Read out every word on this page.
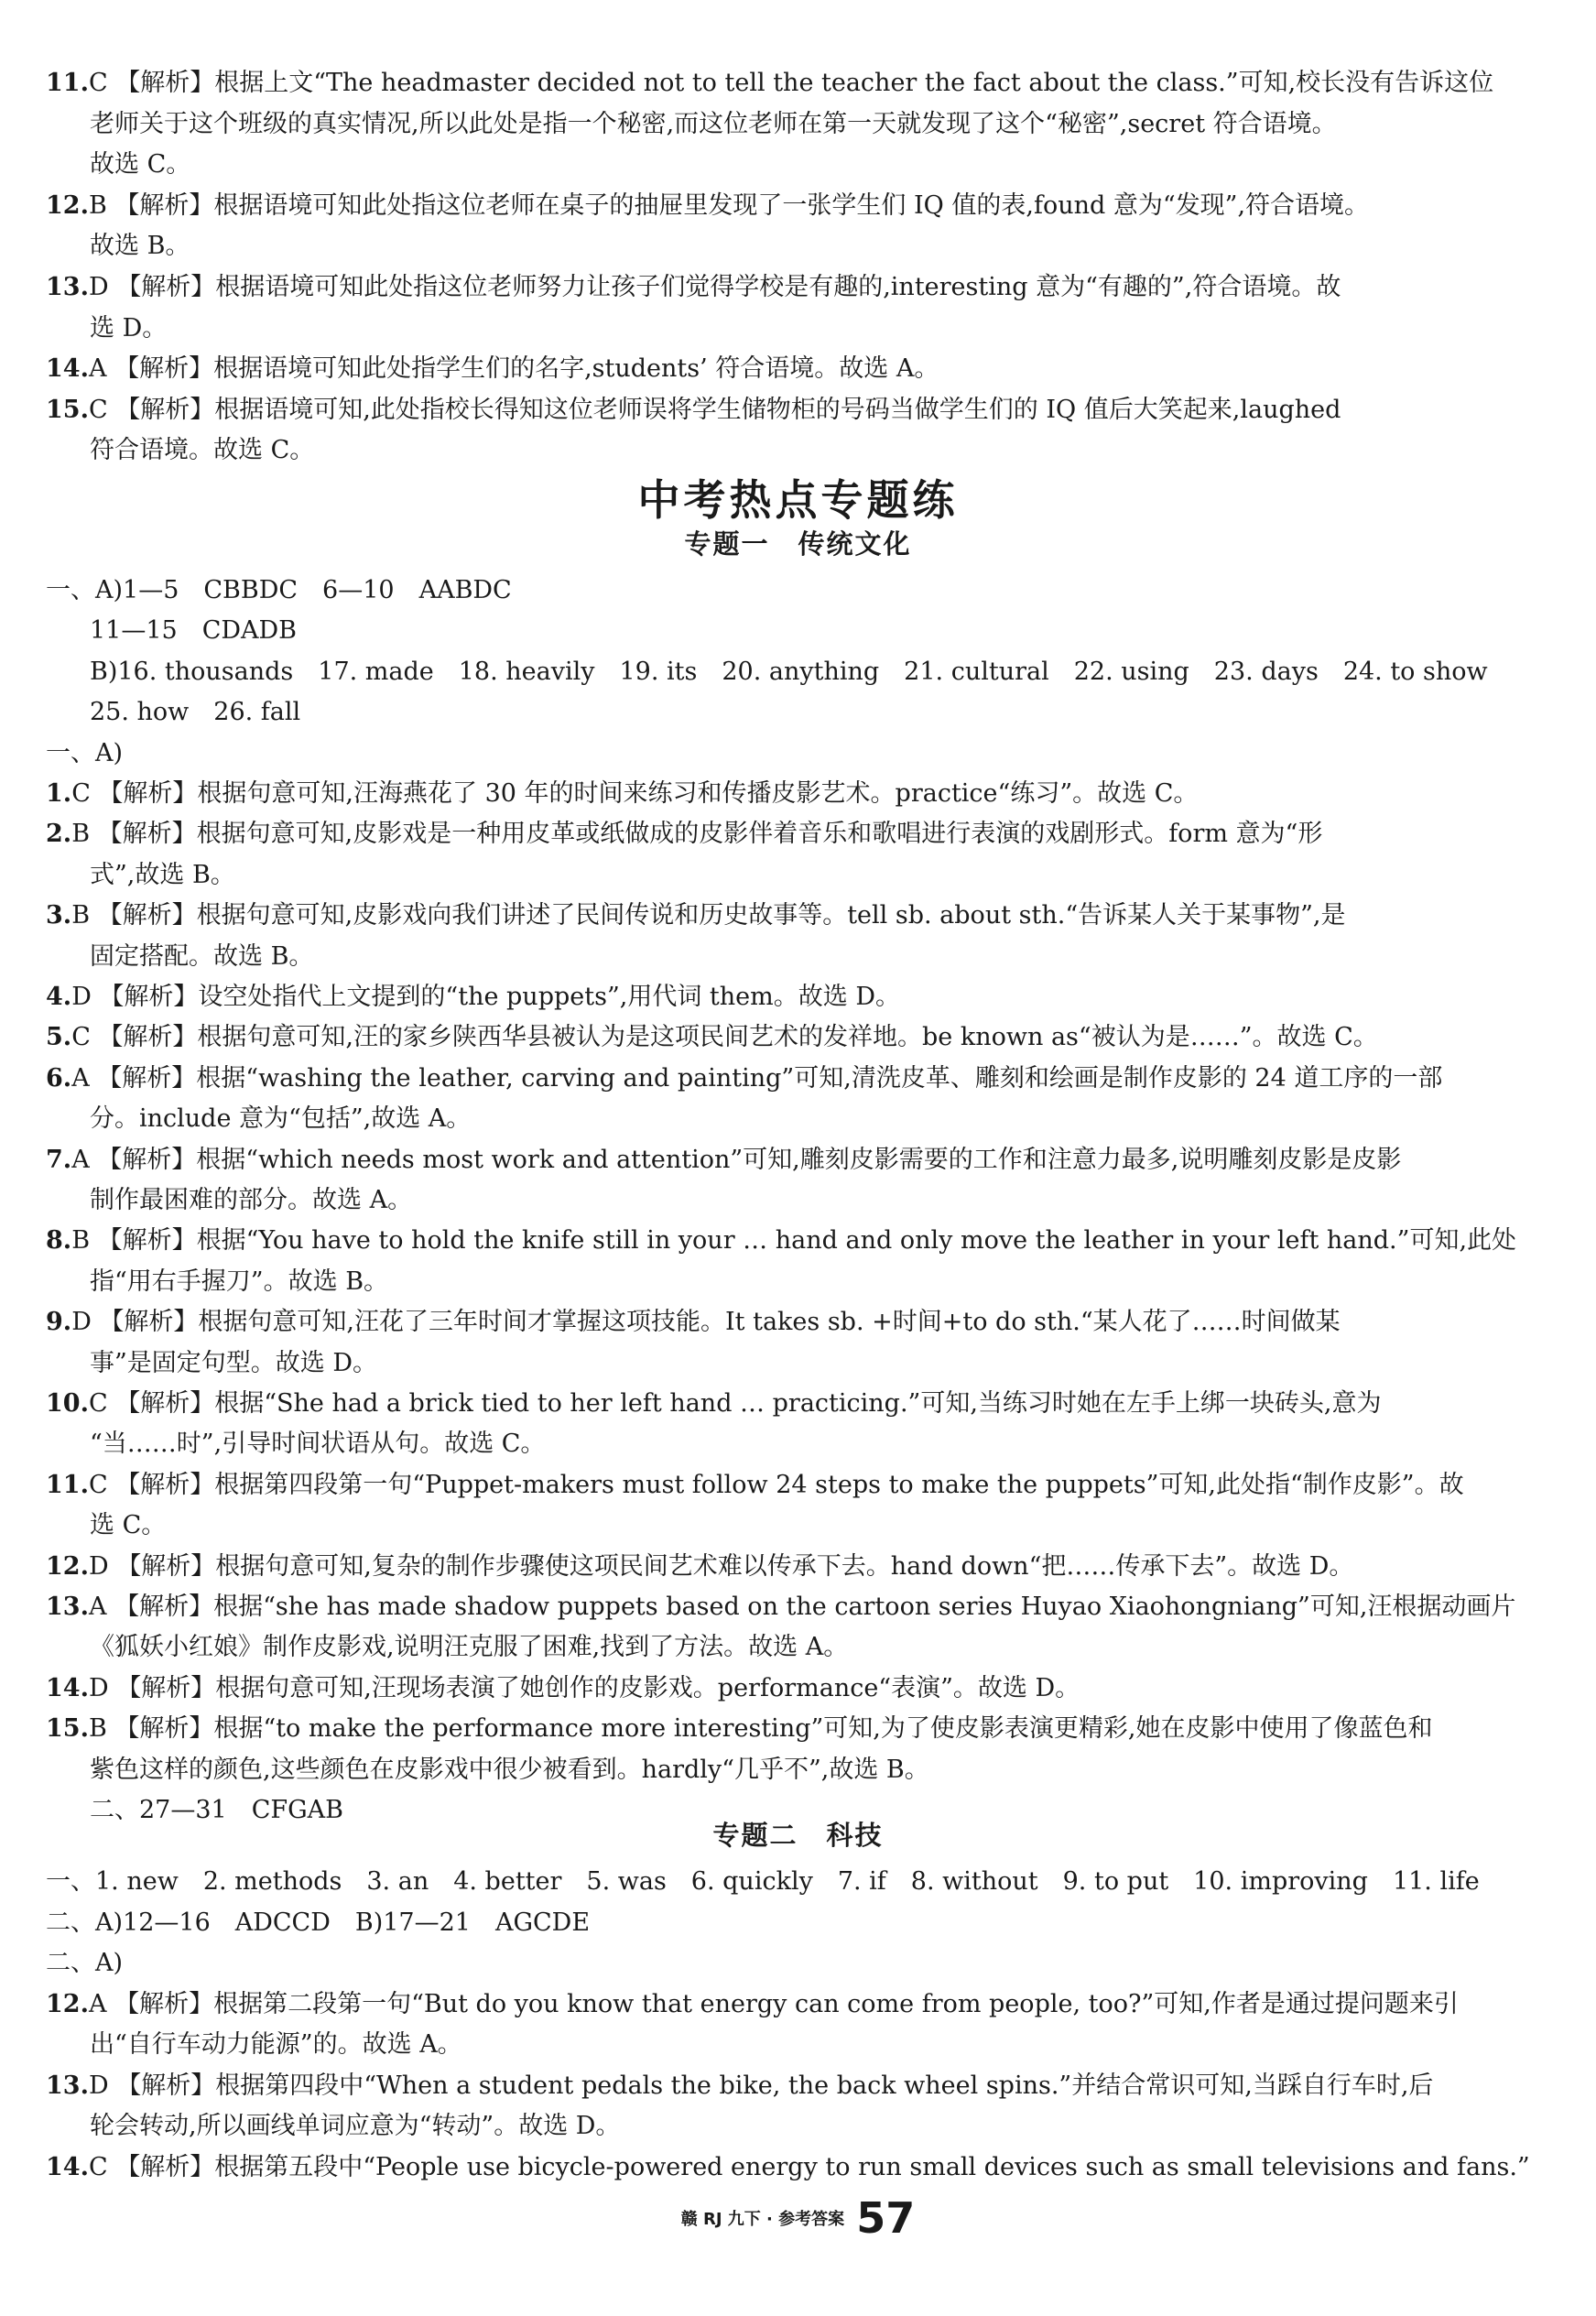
11.C 【解析】根据上文“The headmaster decided not to tell the teacher the fact about the class.”可知,校长没有告诉这位
老师关于这个班级的真实情况,所以此处是指一个秘密,而这位老师在第一天就发现了这个“秘密”,secret 符合语境。
故选 C。
12.B 【解析】根据语境可知此处指这位老师在桌子的抽屉里发现了一张学生们 IQ 值的表,found 意为“发现”,符合语境。
故选 B。
13.D 【解析】根据语境可知此处指这位老师努力让孩子们觉得学校是有趣的,interesting 意为“有趣的”,符合语境。故
选 D。
14.A 【解析】根据语境可知此处指学生们的名字,students’ 符合语境。故选 A。
15.C 【解析】根据语境可知,此处指校长得知这位老师误将学生储物柜的号码当做学生们的 IQ 值后大笑起来,laughed
符合语境。故选 C。
中考热点专题练
专题一　传统文化
一、A)1—5　CBBDC　6—10　AABDC
11—15　CDADB
B)16. thousands　17. made　18. heavily　19. its　20. anything　21. cultural　22. using　23. days　24. to show
25. how　26. fall
一、A)
1.C 【解析】根据句意可知,汪海燕花了 30 年的时间来练习和传播皮影艺术。practice“练习”。故选 C。
2.B 【解析】根据句意可知,皮影戏是一种用皮革或纸做成的皮影伴着音乐和歌唱进行表演的戏剧形式。form 意为“形
式”,故选 B。
3.B 【解析】根据句意可知,皮影戏向我们讲述了民间传说和历史故事等。tell sb. about sth.“告诉某人关于某事物”,是
固定搭配。故选 B。
4.D 【解析】设空处指代上文提到的“the puppets”,用代词 them。故选 D。
5.C 【解析】根据句意可知,汪的家乡陕西华县被认为是这项民间艺术的发祥地。be known as“被认为是……”。故选 C。
6.A 【解析】根据“washing the leather, carving and painting”可知,清洗皮革、雕刻和绘画是制作皮影的 24 道工序的一部
分。include 意为“包括”,故选 A。
7.A 【解析】根据“which needs most work and attention”可知,雕刻皮影需要的工作和注意力最多,说明雕刻皮影是皮影
制作最困难的部分。故选 A。
8.B 【解析】根据“You have to hold the knife still in your … hand and only move the leather in your left hand.”可知,此处
指“用右手握刀”。故选 B。
9.D 【解析】根据句意可知,汪花了三年时间才掌握这项技能。It takes sb. +时间+to do sth.“某人花了……时间做某
事”是固定句型。故选 D。
10.C 【解析】根据“She had a brick tied to her left hand … practicing.”可知,当练习时她在左手上绑一块砖头,意为
“当……时”,引导时间状语从句。故选 C。
11.C 【解析】根据第四段第一句“Puppet-makers must follow 24 steps to make the puppets”可知,此处指“制作皮影”。故
选 C。
12.D 【解析】根据句意可知,复杂的制作步骤使这项民间艺术难以传承下去。hand down“把……传承下去”。故选 D。
13.A 【解析】根据“she has made shadow puppets based on the cartoon series Huyao Xiaohongniang”可知,汪根据动画片
《狐妖小红娘》制作皮影戏,说明汪克服了困难,找到了方法。故选 A。
14.D 【解析】根据句意可知,汪现场表演了她创作的皮影戏。performance“表演”。故选 D。
15.B 【解析】根据“to make the performance more interesting”可知,为了使皮影表演更精彩,她在皮影中使用了像蓝色和
紫色这样的颜色,这些颜色在皮影戏中很少被看到。hardly“几乎不”,故选 B。
二、27—31　CFGAB
专题二　科技
一、1. new　2. methods　3. an　4. better　5. was　6. quickly　7. if　8. without　9. to put　10. improving　11. life
二、A)12—16　ADCCD　B)17—21　AGCDE
二、A)
12.A 【解析】根据第二段第一句“But do you know that energy can come from people, too?”可知,作者是通过提问题来引
出“自行车动力能源”的。故选 A。
13.D 【解析】根据第四段中“When a student pedals the bike, the back wheel spins.”并结合常识可知,当踩自行车时,后
轮会转动,所以画线单词应意为“转动”。故选 D。
14.C 【解析】根据第五段中“People use bicycle-powered energy to run small devices such as small televisions and fans.”
赣 RJ 九下 · 参考答案 57
